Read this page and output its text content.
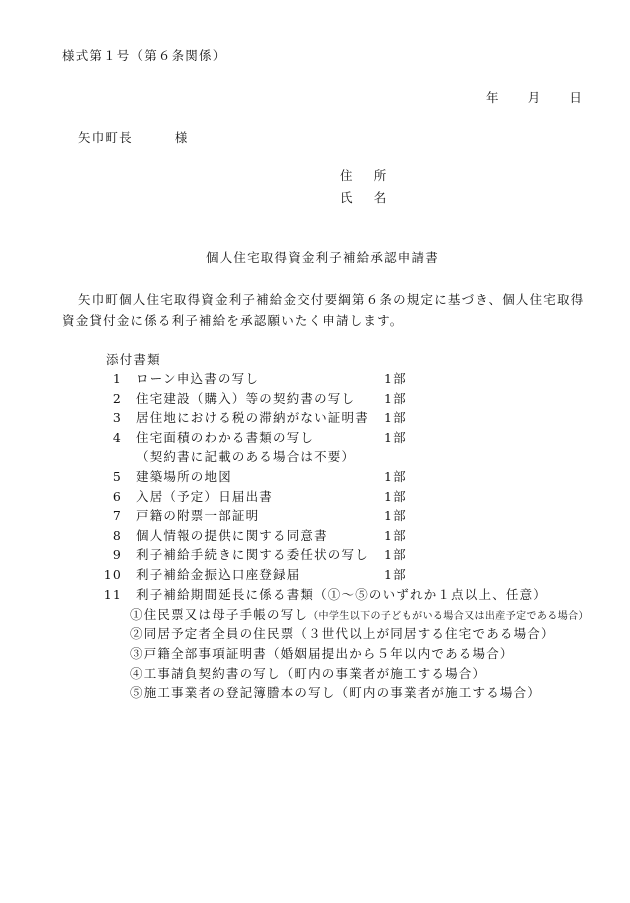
様式第１号（第６条関係）
年 月 日
矢巾町長	様
住 所
氏 名
個人住宅取得資金利子補給承認申請書
矢巾町個人住宅取得資金利子補給金交付要綱第６条の規定に基づき、個人住宅取得
資金貸付金に係る利子補給を承認願いたく申請します。
添付書類
1 ローン申込書の写し	1部
2 住宅建設（購入）等の契約書の写し 1部
3 居住地における税の滞納がない証明書 1部
4 住宅面積のわかる書類の写し	1部
（契約書に記載のある場合は不要）
5 建築場所の地図	1部
6 入居（予定）日届出書	1部
7 戸籍の附票一部証明	1部
8 個人情報の提供に関する同意書	1部
9 利子補給手続きに関する委任状の写し 1部
10 利子補給金振込口座登録届	1部
11 利子補給期間延長に係る書類（①～⑤のいずれか１点以上、任意）
①住民票又は母子手帳の写し（中学生以下の子どもがいる場合又は出産予定である場合）
②同居予定者全員の住民票（３世代以上が同居する住宅である場合）
③戸籍全部事項証明書（婚姻届提出から５年以内である場合）
④工事請負契約書の写し（町内の事業者が施工する場合）
⑤施工事業者の登記簿謄本の写し（町内の事業者が施工する場合）
